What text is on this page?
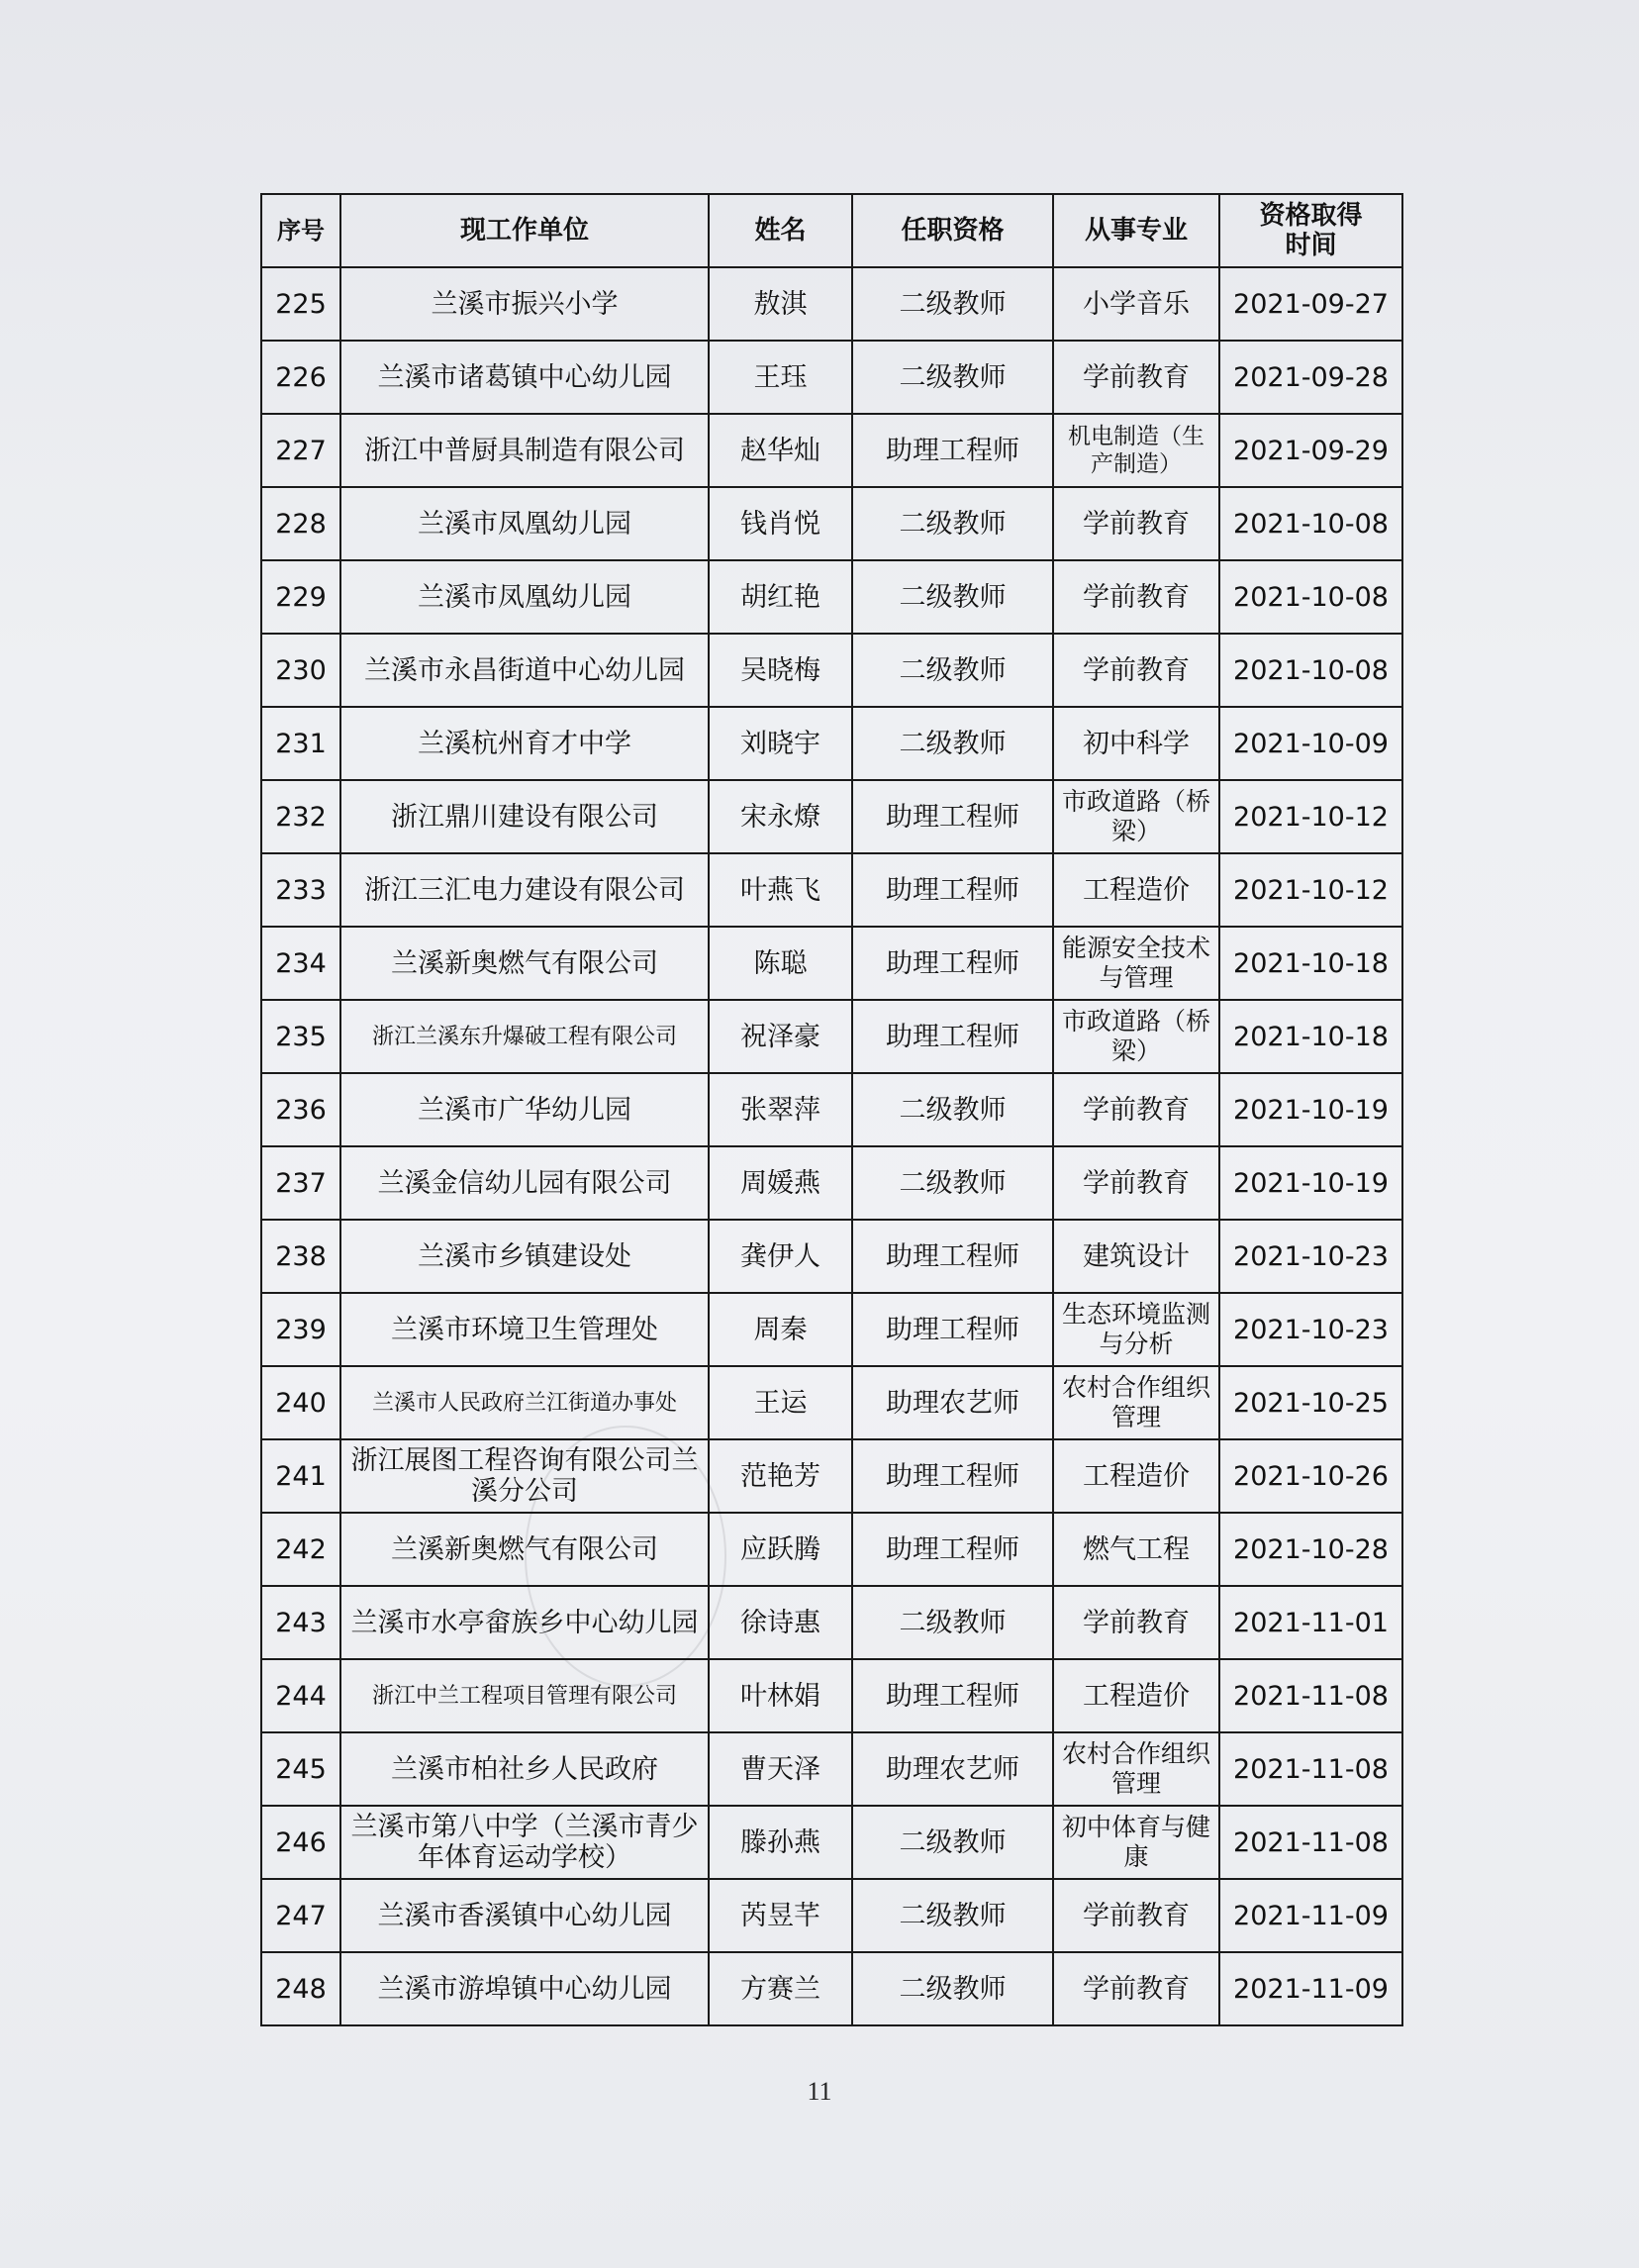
序号	现工作单位	姓名	任职资格	从事专业	资格取得时间
225	兰溪市振兴小学	敖淇	二级教师	小学音乐	2021-09-27
226	兰溪市诸葛镇中心幼儿园	王珏	二级教师	学前教育	2021-09-28
227	浙江中普厨具制造有限公司	赵华灿	助理工程师	机电制造（生产制造）	2021-09-29
228	兰溪市凤凰幼儿园	钱肖悦	二级教师	学前教育	2021-10-08
229	兰溪市凤凰幼儿园	胡红艳	二级教师	学前教育	2021-10-08
230	兰溪市永昌街道中心幼儿园	吴晓梅	二级教师	学前教育	2021-10-08
231	兰溪杭州育才中学	刘晓宇	二级教师	初中科学	2021-10-09
232	浙江鼎川建设有限公司	宋永燎	助理工程师	市政道路（桥梁）	2021-10-12
233	浙江三汇电力建设有限公司	叶燕飞	助理工程师	工程造价	2021-10-12
234	兰溪新奥燃气有限公司	陈聪	助理工程师	能源安全技术与管理	2021-10-18
235	浙江兰溪东升爆破工程有限公司	祝泽豪	助理工程师	市政道路（桥梁）	2021-10-18
236	兰溪市广华幼儿园	张翠萍	二级教师	学前教育	2021-10-19
237	兰溪金信幼儿园有限公司	周媛燕	二级教师	学前教育	2021-10-19
238	兰溪市乡镇建设处	龚伊人	助理工程师	建筑设计	2021-10-23
239	兰溪市环境卫生管理处	周秦	助理工程师	生态环境监测与分析	2021-10-23
240	兰溪市人民政府兰江街道办事处	王运	助理农艺师	农村合作组织管理	2021-10-25
241	浙江展图工程咨询有限公司兰溪分公司	范艳芳	助理工程师	工程造价	2021-10-26
242	兰溪新奥燃气有限公司	应跃腾	助理工程师	燃气工程	2021-10-28
243	兰溪市水亭畲族乡中心幼儿园	徐诗惠	二级教师	学前教育	2021-11-01
244	浙江中兰工程项目管理有限公司	叶林娟	助理工程师	工程造价	2021-11-08
245	兰溪市柏社乡人民政府	曹天泽	助理农艺师	农村合作组织管理	2021-11-08
246	兰溪市第八中学（兰溪市青少年体育运动学校）	滕孙燕	二级教师	初中体育与健康	2021-11-08
247	兰溪市香溪镇中心幼儿园	芮昱芊	二级教师	学前教育	2021-11-09
248	兰溪市游埠镇中心幼儿园	方赛兰	二级教师	学前教育	2021-11-09
11
